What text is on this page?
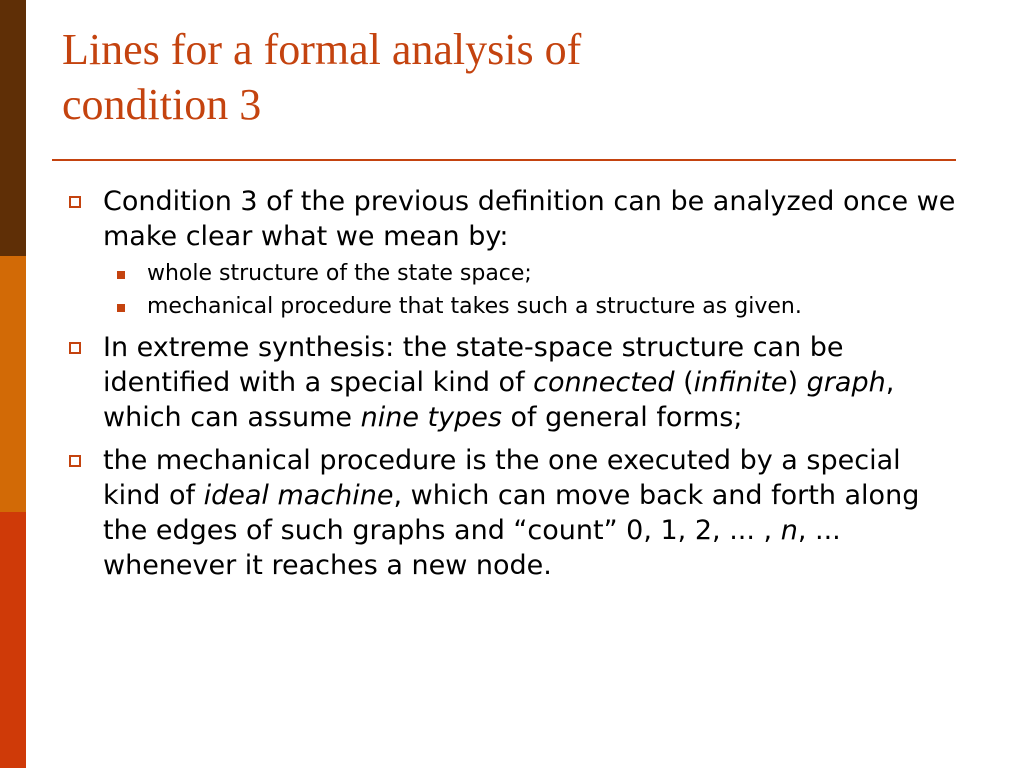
Lines for a formal analysis of
condition 3

Condition 3 of the previous definition can be analyzed once we make clear what we mean by:

whole structure of the state space;

mechanical procedure that takes such a structure as given.

In extreme synthesis: the state-space structure can be identified with a special kind of connected (infinite) graph, which can assume nine types of general forms;

the mechanical procedure is the one executed by a special kind of ideal machine, which can move back and forth along the edges of such graphs and “count” 0, 1, 2, ... , n, ... whenever it reaches a new node.
